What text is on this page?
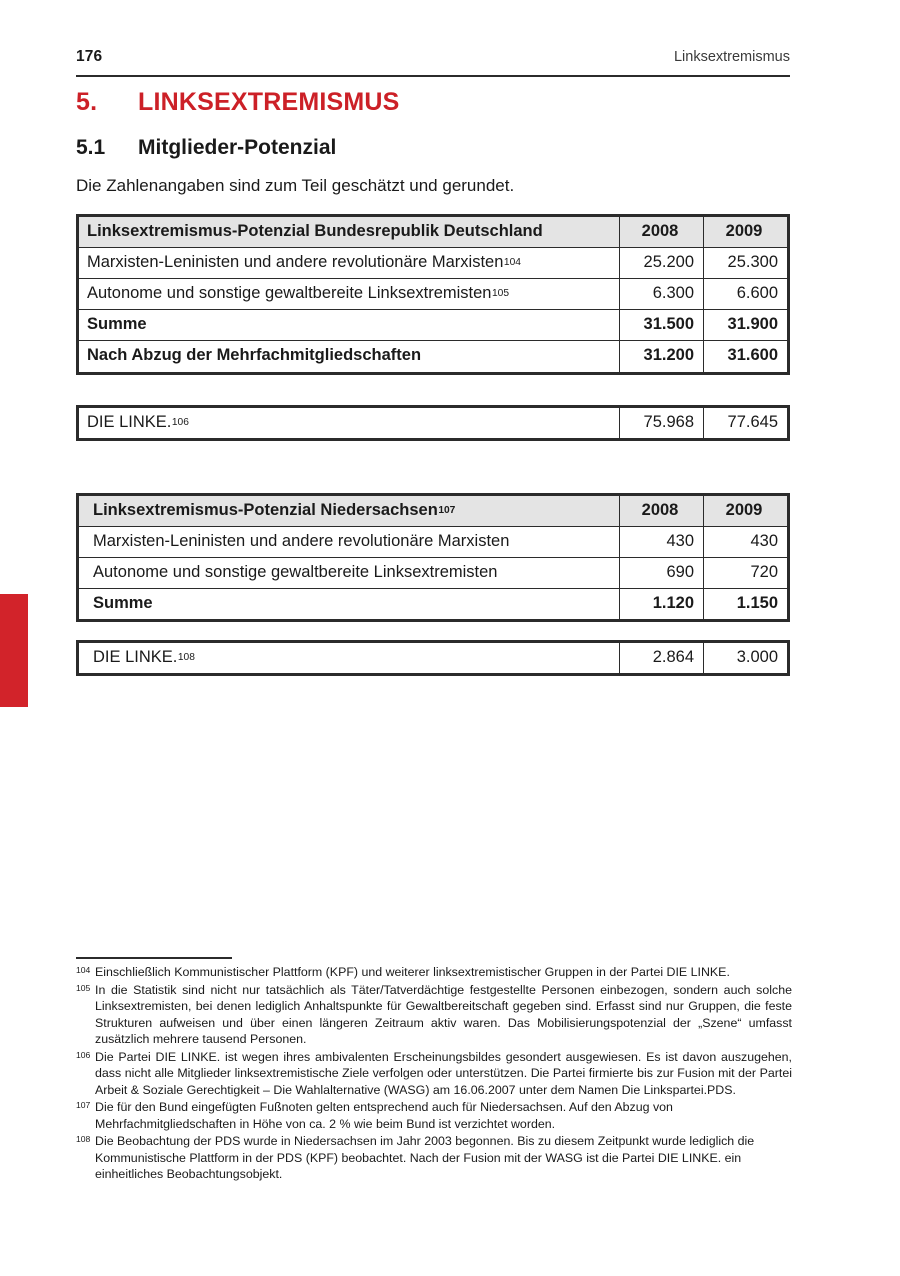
176	Linksextremismus
5. LINKSEXTREMISMUS
5.1 Mitglieder-Potenzial
Die Zahlenangaben sind zum Teil geschätzt und gerundet.
Linksextremismus-Potenzial Bundesrepublik Deutschland	2008	2009
Marxisten-Leninisten und andere revolutionäre Marxisten 104	25.200	25.300
Autonome und sonstige gewaltbereite Linksextremisten 105	6.300	6.600
Summe	31.500	31.900
Nach Abzug der Mehrfachmitgliedschaften	31.200	31.600
DIE LINKE. 106	75.968	77.645
Linksextremismus-Potenzial Niedersachsen 107	2008	2009
Marxisten-Leninisten und andere revolutionäre Marxisten	430	430
Autonome und sonstige gewaltbereite Linksextremisten	690	720
Summe	1.120	1.150
DIE LINKE. 108	2.864	3.000
104 Einschließlich Kommunistischer Plattform (KPF) und weiterer linksextremistischer Gruppen in der Partei DIE LINKE.
105 In die Statistik sind nicht nur tatsächlich als Täter/Tatverdächtige festgestellte Personen einbezogen, sondern auch solche Linksextremisten, bei denen lediglich Anhaltspunkte für Gewaltbereitschaft gegeben sind. Erfasst sind nur Gruppen, die feste Strukturen aufweisen und über einen längeren Zeitraum aktiv waren. Das Mobilisierungspotenzial der „Szene“ umfasst zusätzlich mehrere tausend Personen.
106 Die Partei DIE LINKE. ist wegen ihres ambivalenten Erscheinungsbildes gesondert ausgewiesen. Es ist davon auszugehen, dass nicht alle Mitglieder linksextremistische Ziele verfolgen oder unterstützen. Die Partei firmierte bis zur Fusion mit der Partei Arbeit & Soziale Gerechtigkeit – Die Wahlalternative (WASG) am 16.06.2007 unter dem Namen Die Linkspartei.PDS.
107 Die für den Bund eingefügten Fußnoten gelten entsprechend auch für Niedersachsen. Auf den Abzug von Mehrfachmitgliedschaften in Höhe von ca. 2 % wie beim Bund ist verzichtet worden.
108 Die Beobachtung der PDS wurde in Niedersachsen im Jahr 2003 begonnen. Bis zu diesem Zeitpunkt wurde lediglich die Kommunistische Plattform in der PDS (KPF) beobachtet. Nach der Fusion mit der WASG ist die Partei DIE LINKE. ein einheitliches Beobachtungsobjekt.
